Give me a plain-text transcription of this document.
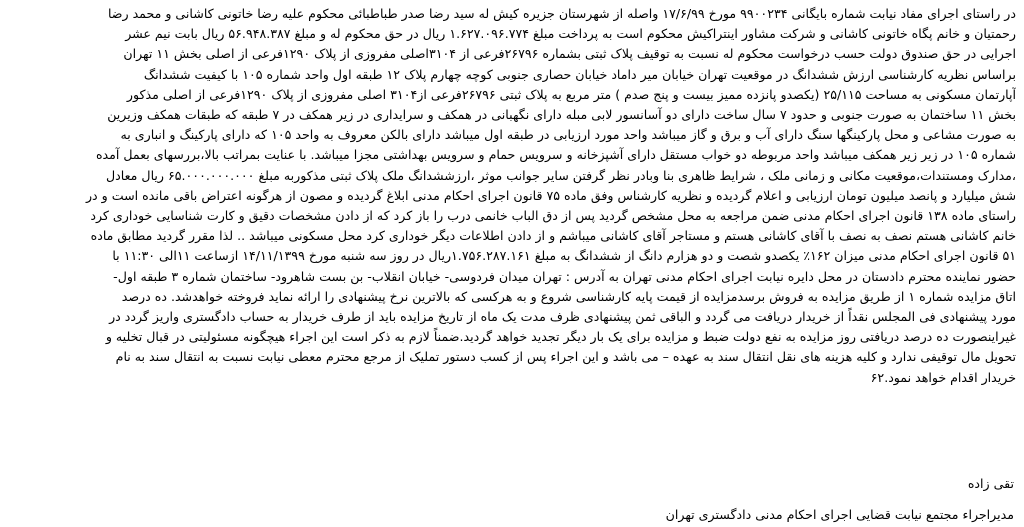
در راستای اجرای مفاد نیابت شماره بایگانی ۹۹۰۰۲۳۴ مورخ ۱۷/۶/۹۹ واصله از شهرستان جزیره کیش له سید رضا صدر طباطبائی محکوم علیه رضا خاتونی کاشانی و محمد رضا
رحمتیان و خانم پگاه خاتونی کاشانی و شرکت مشاور اینتراکیش محکوم است به پرداخت مبلغ ۱.۶۲۷.۰۹۶.۷۷۴ ریال در حق محکوم له و مبلغ ۵۶.۹۴۸.۳۸۷ ریال بابت نیم عشر
اجرایی در حق صندوق دولت حسب درخواست محکوم له نسبت به توقیف پلاک ثبتی بشماره ۲۶۷۹۶فرعی از ۳۱۰۴اصلی مفروزی از پلاک ۱۲۹۰فرعی از اصلی بخش ۱۱ تهران
براساس نظریه کارشناسی ارزش ششدانگ در موقعیت تهران خیابان میر داماد خیابان حصاری جنوبی کوچه چهارم پلاک ۱۲ طبقه اول واحد شماره ۱۰۵ با کیفیت ششدانگ
آپارتمان مسکونی به مساحت ۲۵/۱۱۵ (یکصدو پانزده ممیز بیست و پنج صدم ) متر مربع به پلاک ثبتی ۲۶۷۹۶فرعی از۳۱۰۴ اصلی مفروزی از پلاک ۱۲۹۰فرعی از اصلی مذکور
بخش ۱۱ ساختمان به صورت جنوبی و حدود ۷ سال ساخت دارای دو آسانسور لابی مبله دارای نگهبانی در همکف و سرایداری در زیر همکف در ۷ طبقه که طبقات همکف وزیرین
به صورت مشاعی و محل پارکینگها سنگ دارای آب و برق و گاز میباشد واحد مورد ارزیابی در طبقه اول میباشد دارای بالکن معروف به واحد ۱۰۵ که دارای پارکینگ و انباری به
شماره ۱۰۵ در زیر زیر همکف میباشد واحد مربوطه دو خواب مستقل دارای آشپزخانه و سرویس حمام و سرویس بهداشتی مجزا میباشد. با عنایت بمراتب بالا،بررسهای بعمل آمده
،مدارک ومستندات،موقعیت مکانی و زمانی ملک ، شرایط ظاهری بنا وبادر نظر گرفتن سایر جوانب موثر ،ارزششدانگ ملک پلاک ثبتی مذکوربه مبلغ ۶۵.۰۰۰.۰۰۰.۰۰۰ ریال معادل
شش میلیارد و پانصد میلیون تومان ارزیابی و اعلام گردیده و نظریه کارشناس وفق ماده ۷۵ قانون اجرای احکام مدنی ابلاغ گردیده و مصون از هرگونه اعتراض باقی مانده است و در
راستای ماده ۱۳۸ قانون اجرای احکام مدنی ضمن مراجعه به محل مشخص گردید پس از دق الباب خانمی درب را باز کرد که از دادن مشخصات دقیق و کارت شناسایی خوداری کرد
خانم کاشانی هستم نصف به نصف با آقای کاشانی هستم و مستاجر آقای کاشانی میباشم و از دادن اطلاعات دیگر خوداری کرد محل مسکونی میباشد .. لذا مقرر گردید مطابق ماده
۵۱ قانون اجرای احکام مدنی میزان ۱۶۲٪ یکصدو شصت و دو هزارم دانگ از ششدانگ به مبلغ ۱.۷۵۶.۲۸۷.۱۶۱ریال در روز سه شنبه مورخ ۱۴/۱۱/۱۳۹۹ ازساعت ۱۱الی ۱۱:۳۰ با
حضور نماینده محترم دادستان در محل دایره نیابت اجرای احکام مدنی تهران به آدرس : تهران میدان فردوسی- خیابان انقلاب- بن بست شاهرود- ساختمان شماره ۳ طبقه اول-
اتاق مزایده شماره ۱ از طریق مزایده به فروش برسدمزایده از قیمت پایه کارشناسی شروع و به هرکسی که بالاترین نرخ پیشنهادی را ارائه نماید فروخته خواهدشد. ده درصد
مورد پیشنهادی فی المجلس نقداً از خریدار دریافت می گردد و الباقی ثمن پیشنهادی ظرف مدت یک ماه از تاریخ مزایده باید از طرف خریدار به حساب دادگستری واریز گردد در
غیراینصورت ده درصد دریافتی روز مزایده به نفع دولت ضبط و مزایده برای یک بار دیگر تجدید خواهد گردید.ضمناً لازم به ذکر است این اجراء هیچگونه مسئولیتی در قبال تخلیه و
تحویل مال توقیفی ندارد و کلیه هزینه های نقل انتقال سند به عهده – می باشد و این اجراء پس از کسب دستور تملیک از مرجع محترم معطی نیابت نسبت به انتقال سند به نام
خریدار اقدام خواهد نمود.۶۲
تقی زاده
مدیراجراء مجتمع نیابت قضایی اجرای احکام مدنی دادگستری تهران
